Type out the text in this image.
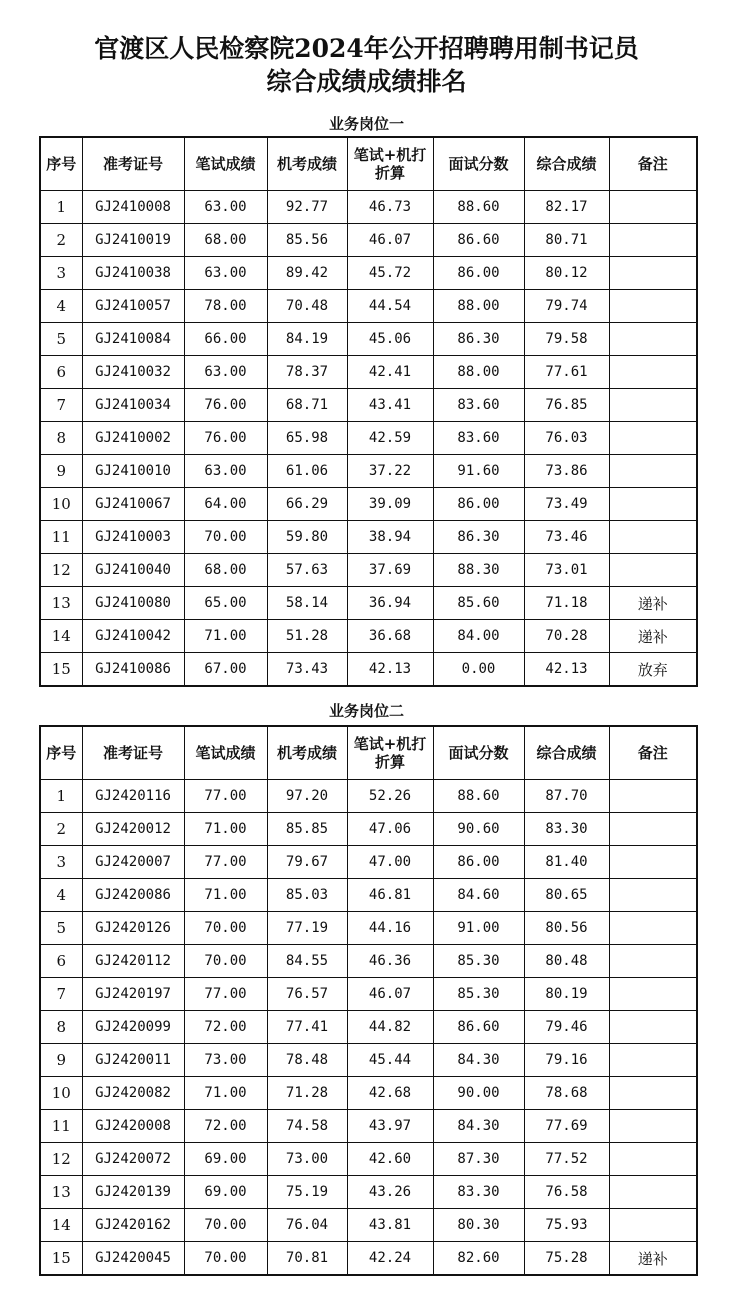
官渡区人民检察院2024年公开招聘聘用制书记员
综合成绩成绩排名
业务岗位一
序号	准考证号	笔试成绩	机考成绩	笔试+机打折算	面试分数	综合成绩	备注
1	GJ2410008	63.00	92.77	46.73	88.60	82.17	
2	GJ2410019	68.00	85.56	46.07	86.60	80.71	
3	GJ2410038	63.00	89.42	45.72	86.00	80.12	
4	GJ2410057	78.00	70.48	44.54	88.00	79.74	
5	GJ2410084	66.00	84.19	45.06	86.30	79.58	
6	GJ2410032	63.00	78.37	42.41	88.00	77.61	
7	GJ2410034	76.00	68.71	43.41	83.60	76.85	
8	GJ2410002	76.00	65.98	42.59	83.60	76.03	
9	GJ2410010	63.00	61.06	37.22	91.60	73.86	
10	GJ2410067	64.00	66.29	39.09	86.00	73.49	
11	GJ2410003	70.00	59.80	38.94	86.30	73.46	
12	GJ2410040	68.00	57.63	37.69	88.30	73.01	
13	GJ2410080	65.00	58.14	36.94	85.60	71.18	递补
14	GJ2410042	71.00	51.28	36.68	84.00	70.28	递补
15	GJ2410086	67.00	73.43	42.13	0.00	42.13	放弃
业务岗位二
序号	准考证号	笔试成绩	机考成绩	笔试+机打折算	面试分数	综合成绩	备注
1	GJ2420116	77.00	97.20	52.26	88.60	87.70	
2	GJ2420012	71.00	85.85	47.06	90.60	83.30	
3	GJ2420007	77.00	79.67	47.00	86.00	81.40	
4	GJ2420086	71.00	85.03	46.81	84.60	80.65	
5	GJ2420126	70.00	77.19	44.16	91.00	80.56	
6	GJ2420112	70.00	84.55	46.36	85.30	80.48	
7	GJ2420197	77.00	76.57	46.07	85.30	80.19	
8	GJ2420099	72.00	77.41	44.82	86.60	79.46	
9	GJ2420011	73.00	78.48	45.44	84.30	79.16	
10	GJ2420082	71.00	71.28	42.68	90.00	78.68	
11	GJ2420008	72.00	74.58	43.97	84.30	77.69	
12	GJ2420072	69.00	73.00	42.60	87.30	77.52	
13	GJ2420139	69.00	75.19	43.26	83.30	76.58	
14	GJ2420162	70.00	76.04	43.81	80.30	75.93	
15	GJ2420045	70.00	70.81	42.24	82.60	75.28	递补
